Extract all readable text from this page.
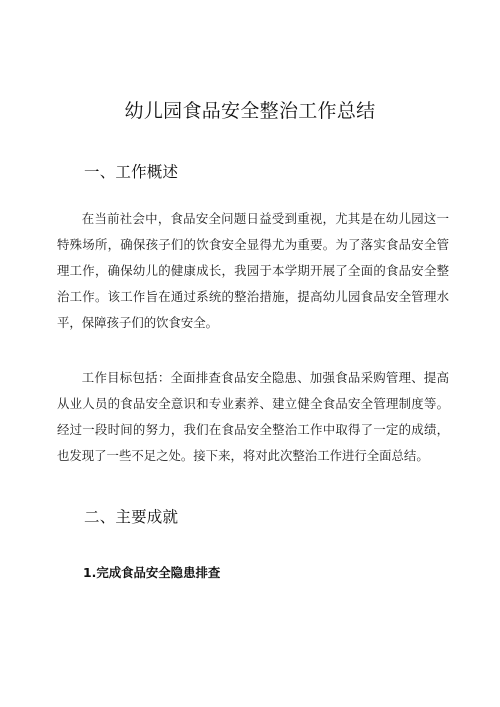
幼儿园食品安全整治工作总结
一、工作概述

在当前社会中，食品安全问题日益受到重视，尤其是在幼儿园这一特殊场所，确保孩子们的饮食安全显得尤为重要。为了落实食品安全管理工作，确保幼儿的健康成长，我园于本学期开展了全面的食品安全整治工作。该工作旨在通过系统的整治措施，提高幼儿园食品安全管理水平，保障孩子们的饮食安全。

工作目标包括：全面排查食品安全隐患、加强食品采购管理、提高从业人员的食品安全意识和专业素养、建立健全食品安全管理制度等。经过一段时间的努力，我们在食品安全整治工作中取得了一定的成绩，也发现了一些不足之处。接下来，将对此次整治工作进行全面总结。

二、主要成就
1.完成食品安全隐患排查
